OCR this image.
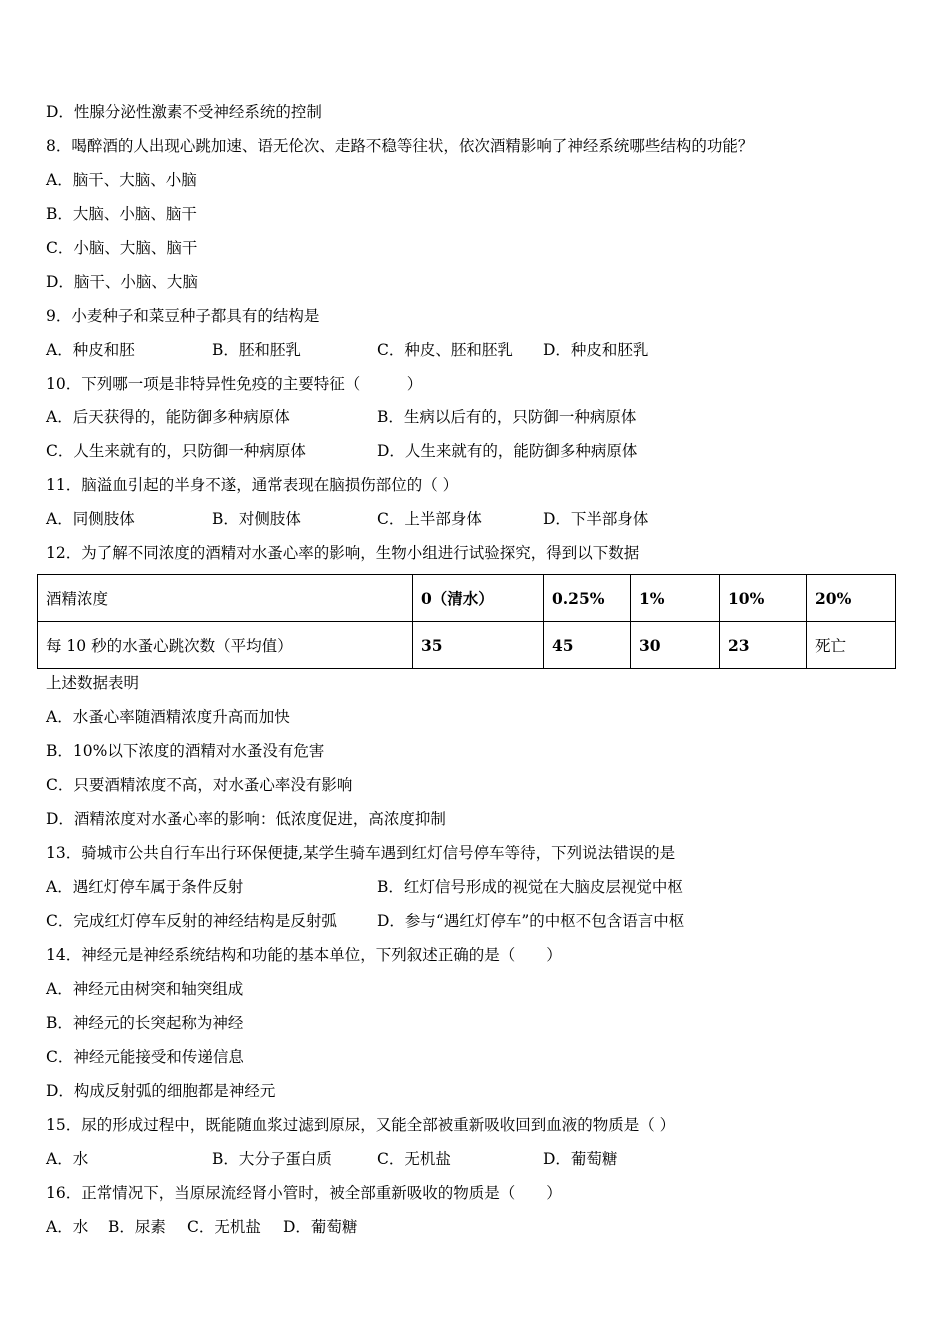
D．性腺分泌性激素不受神经系统的控制
8．喝醉酒的人出现心跳加速、语无伦次、走路不稳等往状，依次酒精影响了神经系统哪些结构的功能？
A．脑干、大脑、小脑
B．大脑、小脑、脑干
C．小脑、大脑、脑干
D．脑干、小脑、大脑
9．小麦种子和菜豆种子都具有的结构是
A．种皮和胚	B．胚和胚乳	C．种皮、胚和胚乳 D．种皮和胚乳
10．下列哪一项是非特异性免疫的主要特征（　　　）
A．后天获得的，能防御多种病原体	B．生病以后有的，只防御一种病原体
C．人生来就有的，只防御一种病原体	D．人生来就有的，能防御多种病原体
11．脑溢血引起的半身不遂，通常表现在脑损伤部位的（ ）
A．同侧肢体	B．对侧肢体	C．上半部身体	D．下半部身体
12．为了解不同浓度的酒精对水蚤心率的影响，生物小组进行试验探究，得到以下数据
酒精浓度	0（清水）	0.25%	1%	10%	20%
每 10 秒的水蚤心跳次数（平均值）	35	45	30	23	死亡
上述数据表明
A．水蚤心率随酒精浓度升高而加快
B．10%以下浓度的酒精对水蚤没有危害
C．只要酒精浓度不高，对水蚤心率没有影响
D．酒精浓度对水蚤心率的影响：低浓度促进，高浓度抑制
13．骑城市公共自行车出行环保便捷,某学生骑车遇到红灯信号停车等待，下列说法错误的是
A．遇红灯停车属于条件反射	B．红灯信号形成的视觉在大脑皮层视觉中枢
C．完成红灯停车反射的神经结构是反射弧	D．参与“遇红灯停车”的中枢不包含语言中枢
14．神经元是神经系统结构和功能的基本单位，下列叙述正确的是（　　）
A．神经元由树突和轴突组成
B．神经元的长突起称为神经
C．神经元能接受和传递信息
D．构成反射弧的细胞都是神经元
15．尿的形成过程中，既能随血浆过滤到原尿，又能全部被重新吸收回到血液的物质是（ ）
A．水	B．大分子蛋白质	C．无机盐	D．葡萄糖
16．正常情况下，当原尿流经肾小管时，被全部重新吸收的物质是（　　）
A．水 B．尿素 C．无机盐 D．葡萄糖
